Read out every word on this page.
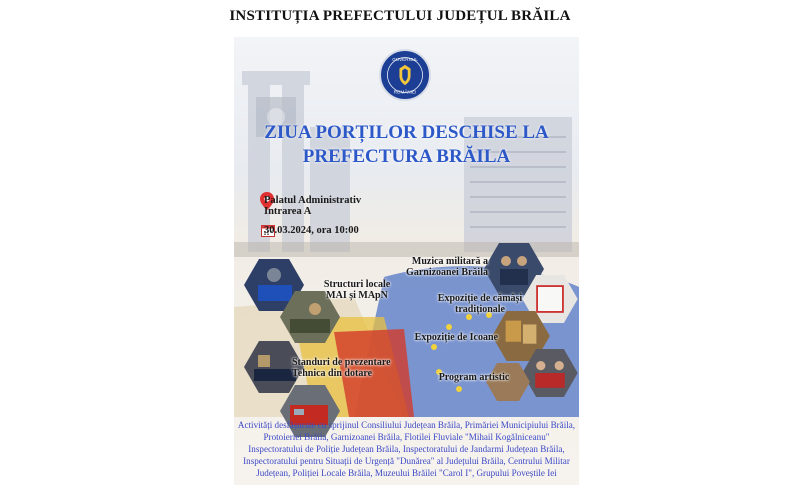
INSTITUȚIA PREFECTULUI JUDEȚUL BRĂILA
GUVERNUL
ROMÂNIEI
ZIUA PORȚILOR DESCHISE LA
PREFECTURA BRĂILA
Palatul Administrativ
Intrarea A
30.03.2024, ora 10:00
Structuri locale
MAI și MApN
Standuri de prezentare
Tehnica din dotare
Muzica militară a
Garnizoanei Brăila
Expoziție de cămăși
tradiționale
Expoziție de Icoane
Program artistic
Activități desfășurate cu sprijinul Consiliului Județean Brăila, Primăriei Municipiului Brăila,
Protoieriei Brăila, Garnizoanei Brăila, Flotilei Fluviale "Mihail Kogălniceanu"
Inspectoratului de Poliție Județean Brăila, Inspectoratului de Jandarmi Județean Brăila,
Inspectoratului pentru Situații de Urgență "Dunărea" al Județului Brăila, Centrului Militar
Județean, Poliției Locale Brăila, Muzeului Brăilei "Carol I", Grupului Poveștile Iei
